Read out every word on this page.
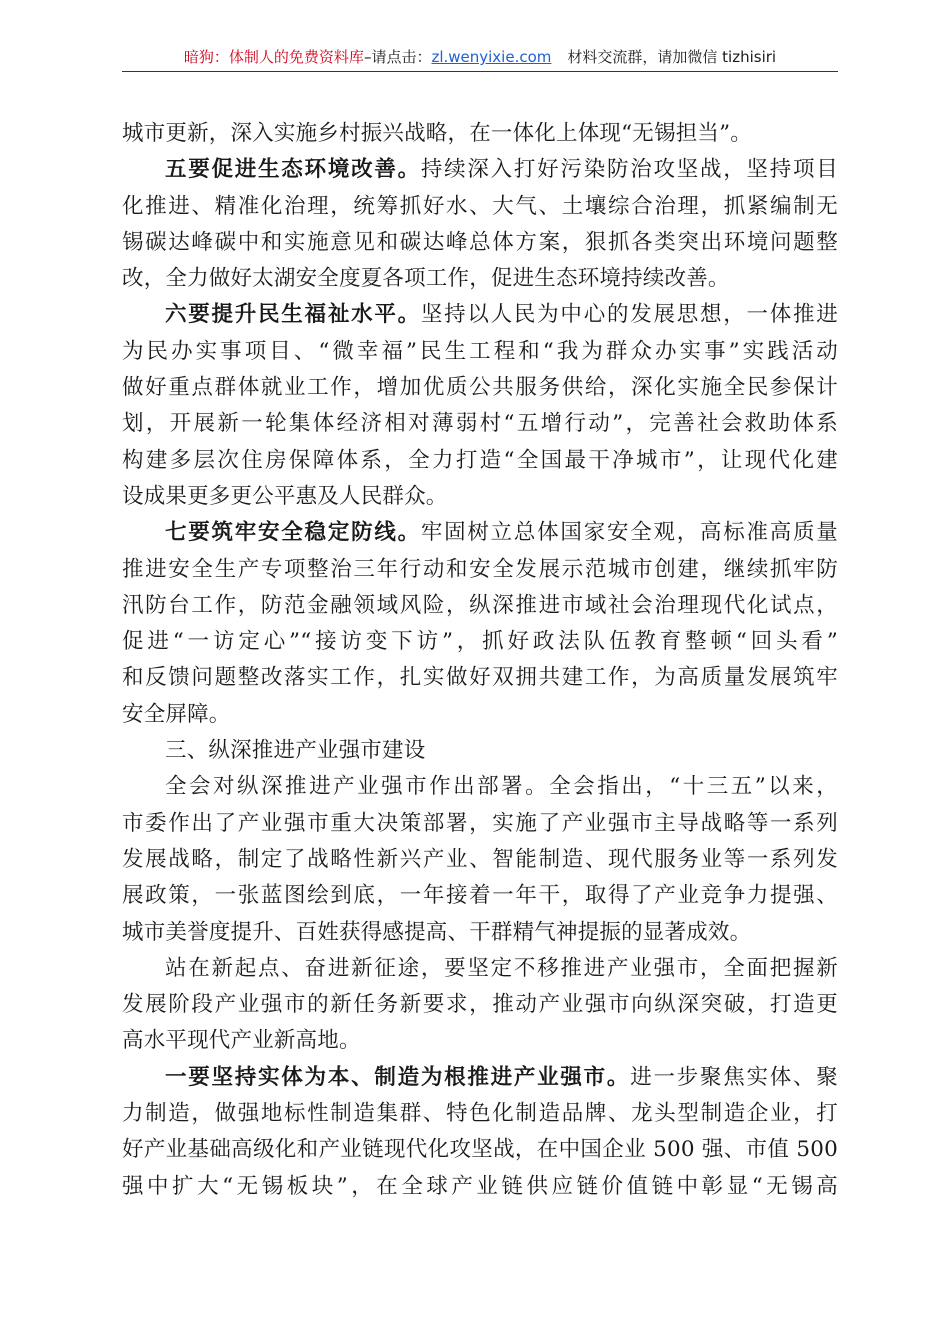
暗狗：体制人的免费资料库–请点击：zl.wenyixie.com 材料交流群，请加微信 tizhisiri
城市更新，深入实施乡村振兴战略，在一体化上体现“无锡担当”。
五要促进生态环境改善。持续深入打好污染防治攻坚战，坚持项目
化推进、精准化治理，统筹抓好水、大气、土壤综合治理，抓紧编制无
锡碳达峰碳中和实施意见和碳达峰总体方案，狠抓各类突出环境问题整
改，全力做好太湖安全度夏各项工作，促进生态环境持续改善。
六要提升民生福祉水平。坚持以人民为中心的发展思想，一体推进
为民办实事项目、“微幸福”民生工程和“我为群众办实事”实践活动
做好重点群体就业工作，增加优质公共服务供给，深化实施全民参保计
划，开展新一轮集体经济相对薄弱村“五增行动”，完善社会救助体系
构建多层次住房保障体系，全力打造“全国最干净城市”，让现代化建
设成果更多更公平惠及人民群众。
七要筑牢安全稳定防线。牢固树立总体国家安全观，高标准高质量
推进安全生产专项整治三年行动和安全发展示范城市创建，继续抓牢防
汛防台工作，防范金融领域风险，纵深推进市域社会治理现代化试点，
促进“一访定心”“接访变下访”，抓好政法队伍教育整顿“回头看”
和反馈问题整改落实工作，扎实做好双拥共建工作，为高质量发展筑牢
安全屏障。
三、纵深推进产业强市建设
全会对纵深推进产业强市作出部署。全会指出，“十三五”以来，
市委作出了产业强市重大决策部署，实施了产业强市主导战略等一系列
发展战略，制定了战略性新兴产业、智能制造、现代服务业等一系列发
展政策，一张蓝图绘到底，一年接着一年干，取得了产业竞争力提强、
城市美誉度提升、百姓获得感提高、干群精气神提振的显著成效。
站在新起点、奋进新征途，要坚定不移推进产业强市，全面把握新
发展阶段产业强市的新任务新要求，推动产业强市向纵深突破，打造更
高水平现代产业新高地。
一要坚持实体为本、制造为根推进产业强市。进一步聚焦实体、聚
力制造，做强地标性制造集群、特色化制造品牌、龙头型制造企业，打
好产业基础高级化和产业链现代化攻坚战，在中国企业 500 强、市值 500
强中扩大“无锡板块”，在全球产业链供应链价值链中彰显“无锡高
